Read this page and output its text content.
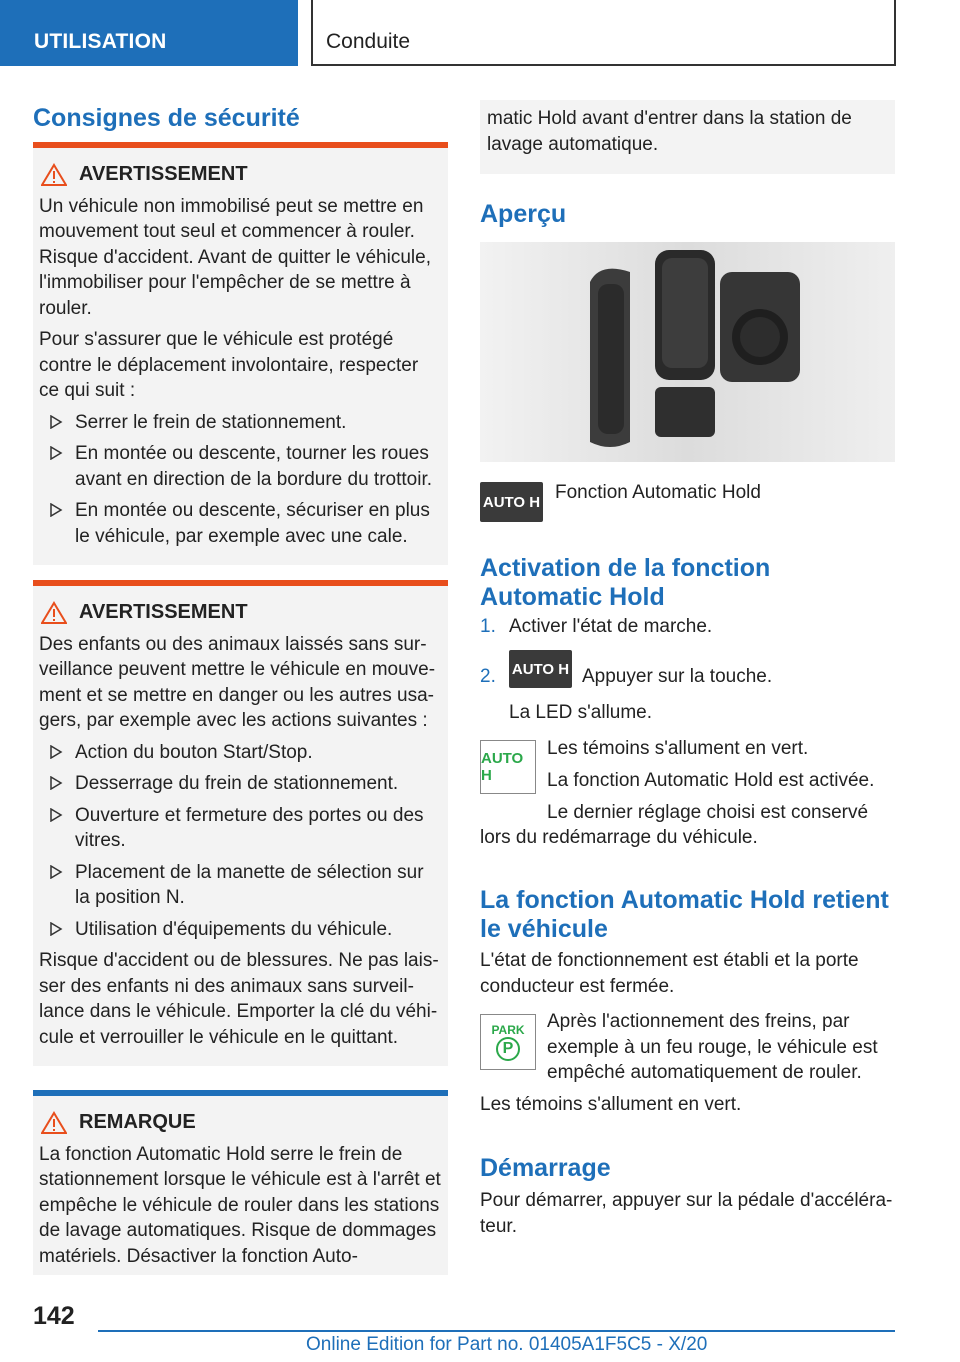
UTILISATION	Conduite
Consignes de sécurité
AVERTISSEMENT

Un véhicule non immobilisé peut se mettre en mouvement tout seul et commencer à rouler. Risque d'accident. Avant de quitter le véhicule, l'immobiliser pour l'empêcher de se mettre à rouler.

Pour s'assurer que le véhicule est protégé contre le déplacement involontaire, respecter ce qui suit :

Serrer le frein de stationnement.
En montée ou descente, tourner les roues avant en direction de la bordure du trottoir.
En montée ou descente, sécuriser en plus le véhicule, par exemple avec une cale.
AVERTISSEMENT

Des enfants ou des animaux laissés sans surveillance peuvent mettre le véhicule en mouvement et se mettre en danger ou les autres usagers, par exemple avec les actions suivantes :

Action du bouton Start/Stop.
Desserrage du frein de stationnement.
Ouverture et fermeture des portes ou des vitres.
Placement de la manette de sélection sur la position N.
Utilisation d'équipements du véhicule.

Risque d'accident ou de blessures. Ne pas laisser des enfants ni des animaux sans surveillance dans le véhicule. Emporter la clé du véhicule et verrouiller le véhicule en le quittant.

REMARQUE

La fonction Automatic Hold serre le frein de stationnement lorsque le véhicule est à l'arrêt et empêche le véhicule de rouler dans les stations de lavage automatiques. Risque de dommages matériels. Désactiver la fonction Auto-

matic Hold avant d'entrer dans la station de lavage automatique.

Aperçu
AUTO H Fonction Automatic Hold

Activation de la fonction Automatic Hold
1. Activer l'état de marche.
2. AUTO H Appuyer sur la touche.

La LED s'allume.

AUTO H

Les témoins s'allument en vert.

La fonction Automatic Hold est activée.

Le dernier réglage choisi est conservé

lors du redémarrage du véhicule.

La fonction Automatic Hold retient le véhicule

L'état de fonctionnement est établi et la porte conducteur est fermée.

PARK
P

Après l'actionnement des freins, par exemple à un feu rouge, le véhicule est empêché automatiquement de rouler.

Les témoins s'allument en vert.

Démarrage

Pour démarrer, appuyer sur la pédale d'accélérateur.

142
Online Edition for Part no. 01405A1F5C5 - X/20
